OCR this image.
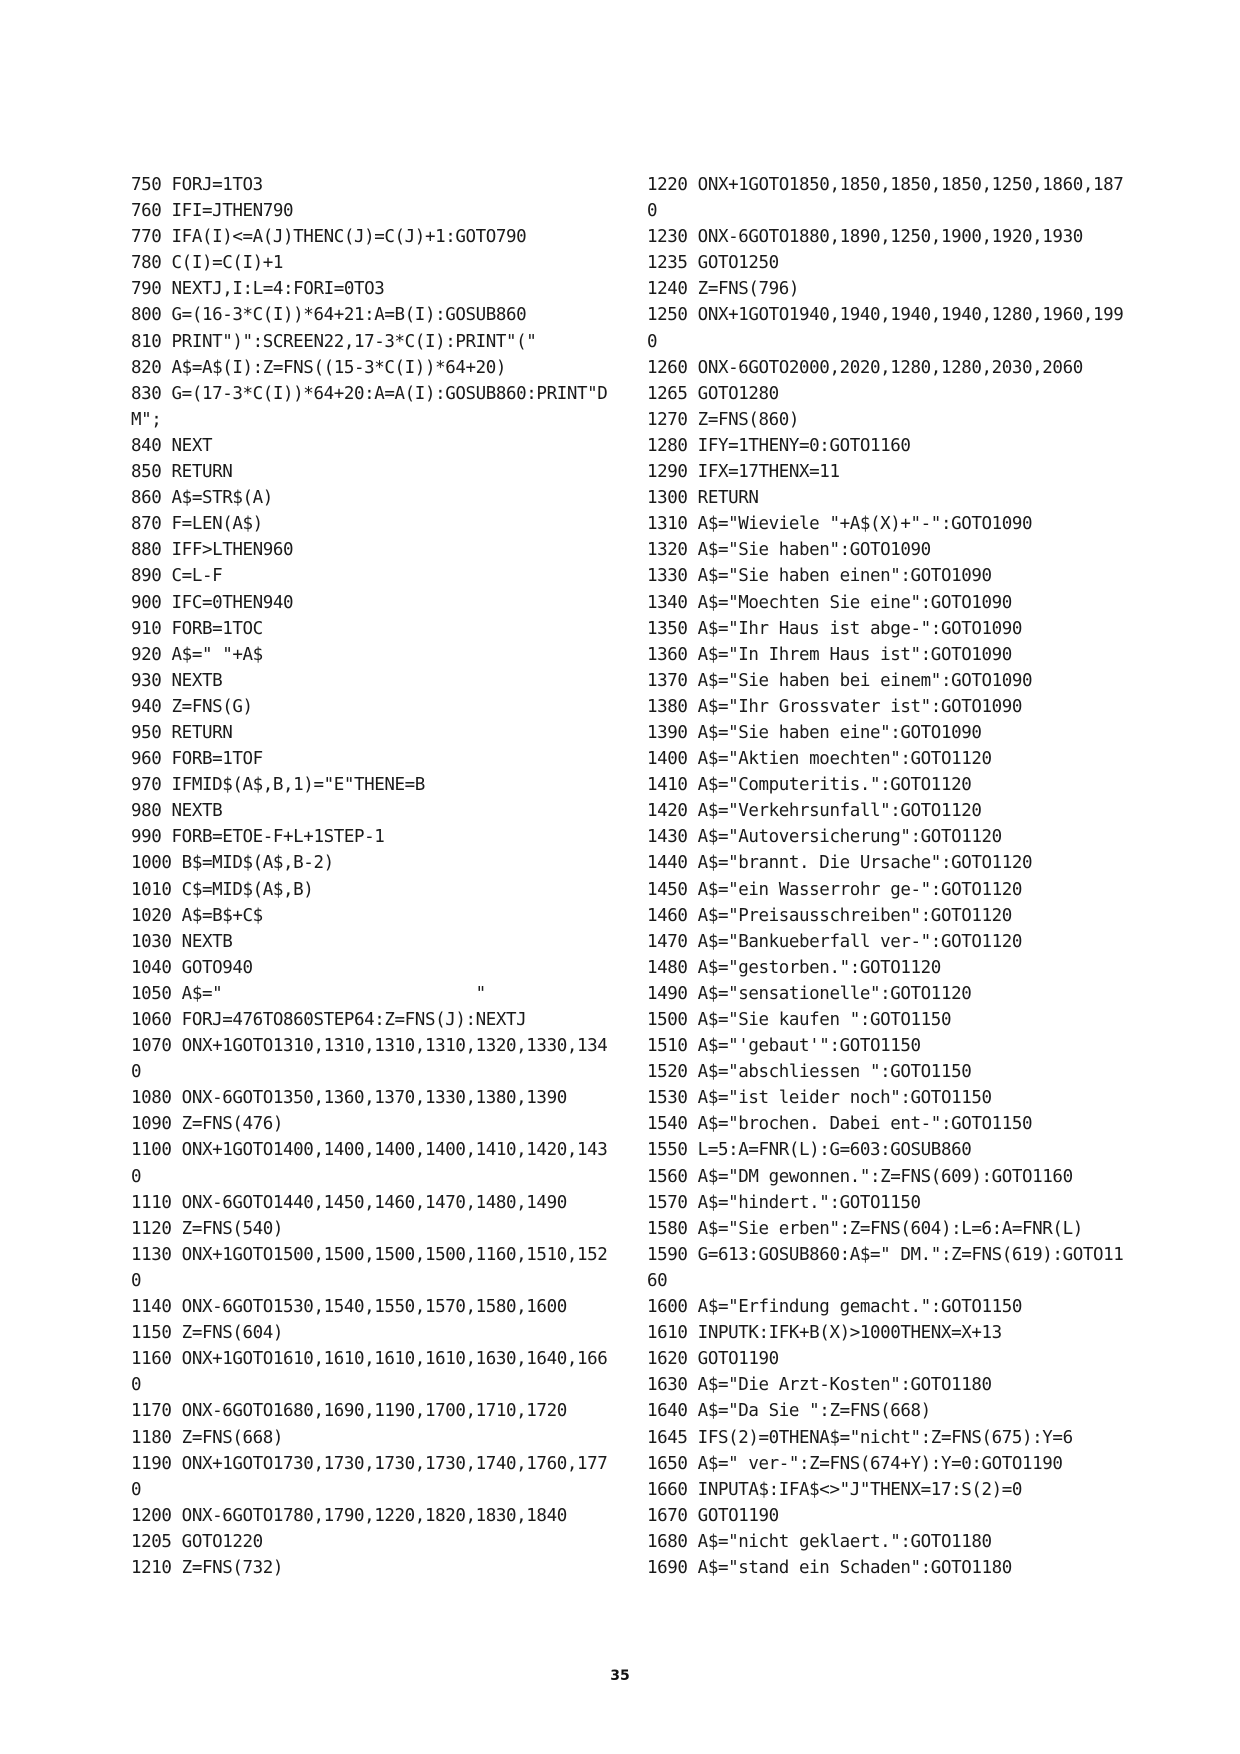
750 FORJ=1TO3
760 IFI=JTHEN790
770 IFA(I)<=A(J)THENC(J)=C(J)+1:GOTO790
780 C(I)=C(I)+1
790 NEXTJ,I:L=4:FORI=0TO3
800 G=(16-3*C(I))*64+21:A=B(I):GOSUB860
810 PRINT")":SCREEN22,17-3*C(I):PRINT"("
820 A$=A$(I):Z=FNS((15-3*C(I))*64+20)
830 G=(17-3*C(I))*64+20:A=A(I):GOSUB860:PRINT"D
M";
840 NEXT
850 RETURN
860 A$=STR$(A)
870 F=LEN(A$)
880 IFF>LTHEN960
890 C=L-F
900 IFC=0THEN940
910 FORB=1TOC
920 A$=" "+A$
930 NEXTB
940 Z=FNS(G)
950 RETURN
960 FORB=1TOF
970 IFMID$(A$,B,1)="E"THENE=B
980 NEXTB
990 FORB=ETOE-F+L+1STEP-1
1000 B$=MID$(A$,B-2)
1010 C$=MID$(A$,B)
1020 A$=B$+C$
1030 NEXTB
1040 GOTO940
1050 A$="                         "
1060 FORJ=476TO860STEP64:Z=FNS(J):NEXTJ
1070 ONX+1GOTO1310,1310,1310,1310,1320,1330,134
0
1080 ONX-6GOTO1350,1360,1370,1330,1380,1390
1090 Z=FNS(476)
1100 ONX+1GOTO1400,1400,1400,1400,1410,1420,143
0
1110 ONX-6GOTO1440,1450,1460,1470,1480,1490
1120 Z=FNS(540)
1130 ONX+1GOTO1500,1500,1500,1500,1160,1510,152
0
1140 ONX-6GOTO1530,1540,1550,1570,1580,1600
1150 Z=FNS(604)
1160 ONX+1GOTO1610,1610,1610,1610,1630,1640,166
0
1170 ONX-6GOTO1680,1690,1190,1700,1710,1720
1180 Z=FNS(668)
1190 ONX+1GOTO1730,1730,1730,1730,1740,1760,177
0
1200 ONX-6GOTO1780,1790,1220,1820,1830,1840
1205 GOTO1220
1210 Z=FNS(732)
1220 ONX+1GOTO1850,1850,1850,1850,1250,1860,187
0
1230 ONX-6GOTO1880,1890,1250,1900,1920,1930
1235 GOTO1250
1240 Z=FNS(796)
1250 ONX+1GOTO1940,1940,1940,1940,1280,1960,199
0
1260 ONX-6GOTO2000,2020,1280,1280,2030,2060
1265 GOTO1280
1270 Z=FNS(860)
1280 IFY=1THENY=0:GOTO1160
1290 IFX=17THENX=11
1300 RETURN
1310 A$="Wieviele "+A$(X)+"-":GOTO1090
1320 A$="Sie haben":GOTO1090
1330 A$="Sie haben einen":GOTO1090
1340 A$="Moechten Sie eine":GOTO1090
1350 A$="Ihr Haus ist abge-":GOTO1090
1360 A$="In Ihrem Haus ist":GOTO1090
1370 A$="Sie haben bei einem":GOTO1090
1380 A$="Ihr Grossvater ist":GOTO1090
1390 A$="Sie haben eine":GOTO1090
1400 A$="Aktien moechten":GOTO1120
1410 A$="Computeritis.":GOTO1120
1420 A$="Verkehrsunfall":GOTO1120
1430 A$="Autoversicherung":GOTO1120
1440 A$="brannt. Die Ursache":GOTO1120
1450 A$="ein Wasserrohr ge-":GOTO1120
1460 A$="Preisausschreiben":GOTO1120
1470 A$="Bankueberfall ver-":GOTO1120
1480 A$="gestorben.":GOTO1120
1490 A$="sensationelle":GOTO1120
1500 A$="Sie kaufen ":GOTO1150
1510 A$="'gebaut'":GOTO1150
1520 A$="abschliessen ":GOTO1150
1530 A$="ist leider noch":GOTO1150
1540 A$="brochen. Dabei ent-":GOTO1150
1550 L=5:A=FNR(L):G=603:GOSUB860
1560 A$="DM gewonnen.":Z=FNS(609):GOTO1160
1570 A$="hindert.":GOTO1150
1580 A$="Sie erben":Z=FNS(604):L=6:A=FNR(L)
1590 G=613:GOSUB860:A$=" DM.":Z=FNS(619):GOTO11
60
1600 A$="Erfindung gemacht.":GOTO1150
1610 INPUTK:IFK+B(X)>1000THENX=X+13
1620 GOTO1190
1630 A$="Die Arzt-Kosten":GOTO1180
1640 A$="Da Sie ":Z=FNS(668)
1645 IFS(2)=0THENA$="nicht":Z=FNS(675):Y=6
1650 A$=" ver-":Z=FNS(674+Y):Y=0:GOTO1190
1660 INPUTA$:IFA$<>"J"THENX=17:S(2)=0
1670 GOTO1190
1680 A$="nicht geklaert.":GOTO1180
1690 A$="stand ein Schaden":GOTO1180
35
